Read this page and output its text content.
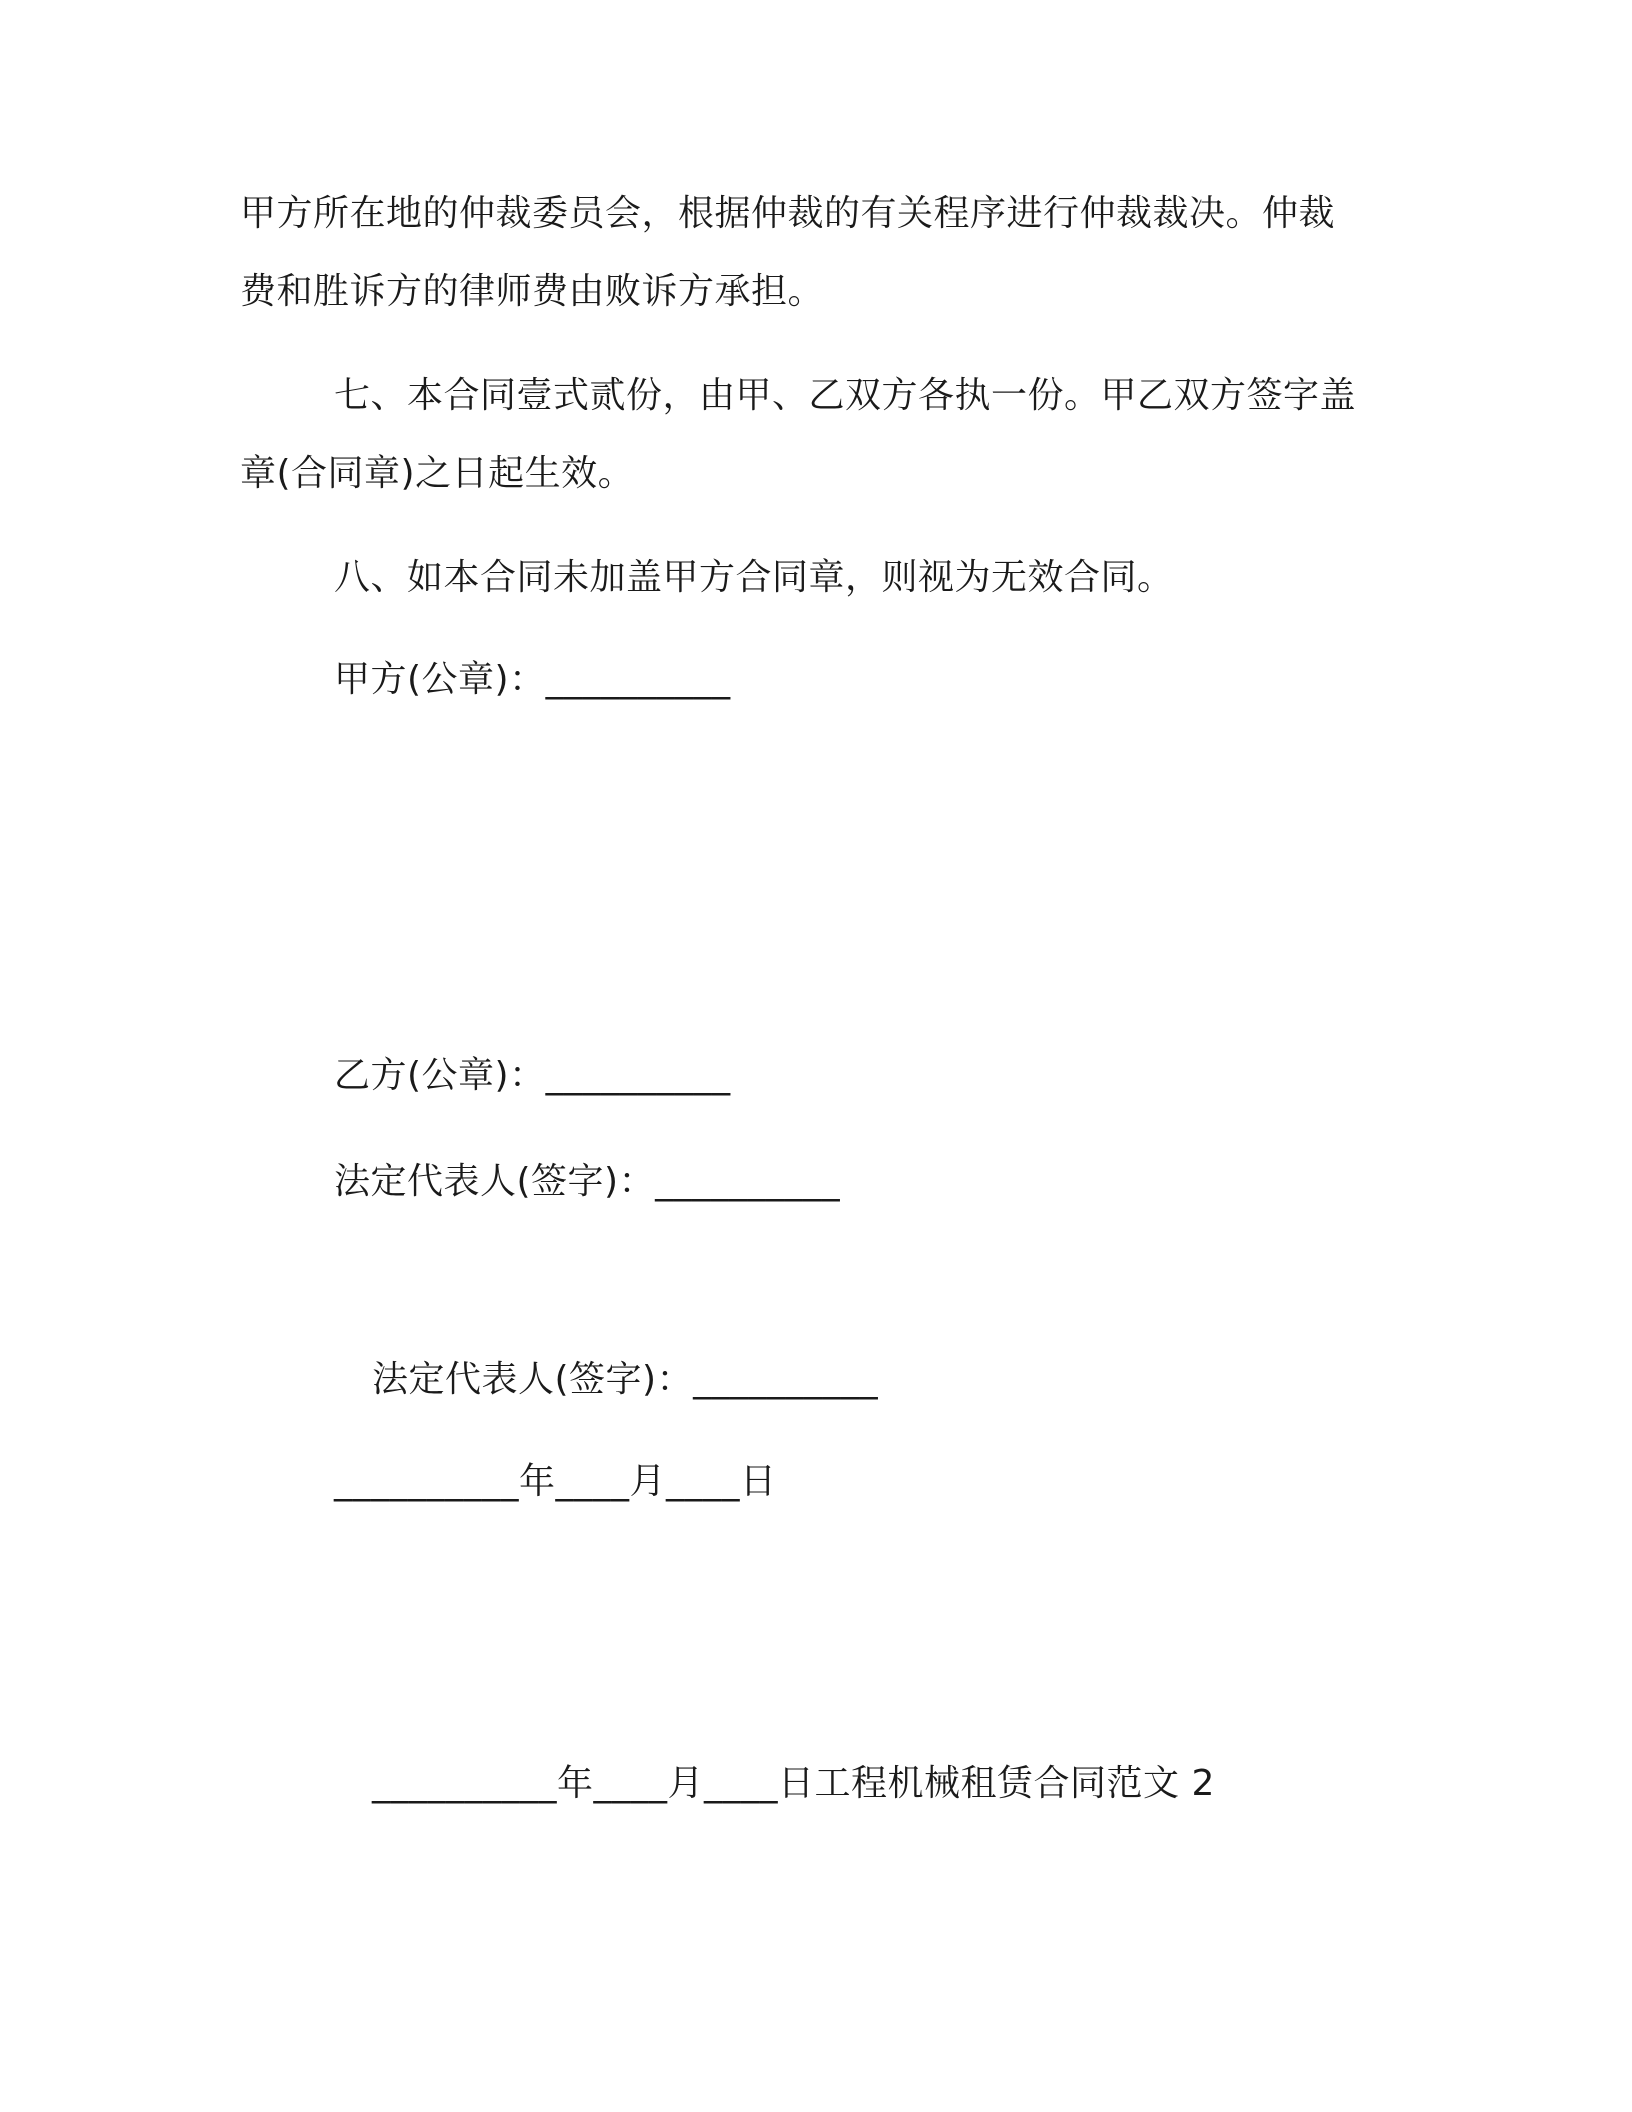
甲方所在地的仲裁委员会，根据仲裁的有关程序进行仲裁裁决。仲裁
费和胜诉方的律师费由败诉方承担。
七、本合同壹式贰份，由甲、乙双方各执一份。甲乙双方签字盖
章(合同章)之日起生效。
八、如本合同未加盖甲方合同章，则视为无效合同。
甲方(公章)：__________
乙方(公章)：__________
法定代表人(签字)：__________
法定代表人(签字)：__________
__________年____月____日
__________年____月____日工程机械租赁合同范文 2
